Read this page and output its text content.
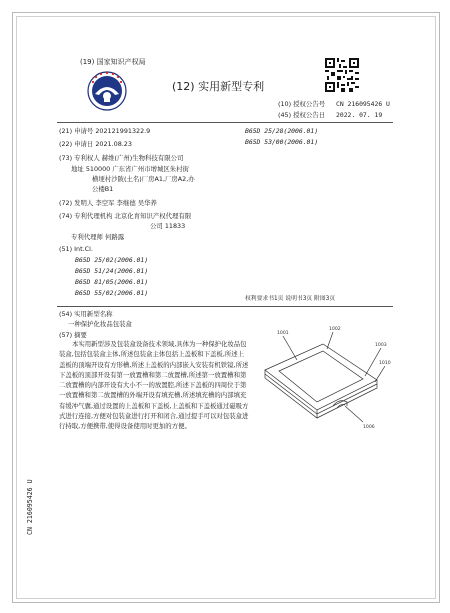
(19) 国家知识产权局
(12) 实用新型专利
(10) 授权公告号 CN 216095426 U
(45) 授权公告日 2022. 07. 19
(21) 申请号 202121991322.9
(22) 申请日 2021.08.23
(73) 专利权人 赫维(广州)生物科技有限公司
地址 510000 广东省广州市增城区朱村街
横埂村沙陂(土名)厂房A1,厂房A2,办
公楼B1
(72) 发明人 李空军 李继德 吴华养
(74) 专利代理机构 北京化育知识产权代理有限
公司 11833
专利代理师 何路露
(51) Int.Cl.
B65D 25/02(2006.01)
B65D 51/24(2006.01)
B65D 81/05(2006.01)
B65D 55/02(2006.01)
B65D 25/28(2006.01)
B65D 53/00(2006.01)
权利要求书1页 说明书3页 附图3页
(54) 实用新型名称
一种保护化妆品包装盒
(57) 摘要

本实用新型涉及包装盒设备技术领域,具体为一种保护化妆品包装盒,包括包装盒主体,所述包装盒主体包括上盖板和下盖板,所述上盖板的顶端开设有方形槽,所述上盖板的内部嵌入安装有机铁镜,所述下盖板的顶部开设有第一放置槽和第二放置槽,所述第一放置槽和第二放置槽的内部开设有大小不一的放置腔,所述下盖板的四周位于第一放置槽和第二放置槽的外端开设有填充槽,所述填充槽的内部填充有缓冲气囊,通过设置的上盖板和下盖板,上盖板和下盖板通过磁吸方式进行连接,方便对包装盒进行打开和闭合,通过提手可以对包装盒进行持取,方便携带,使得设备使用时更加的方便。

1001
1002
1003
1010
1006
CN 216095426 U
